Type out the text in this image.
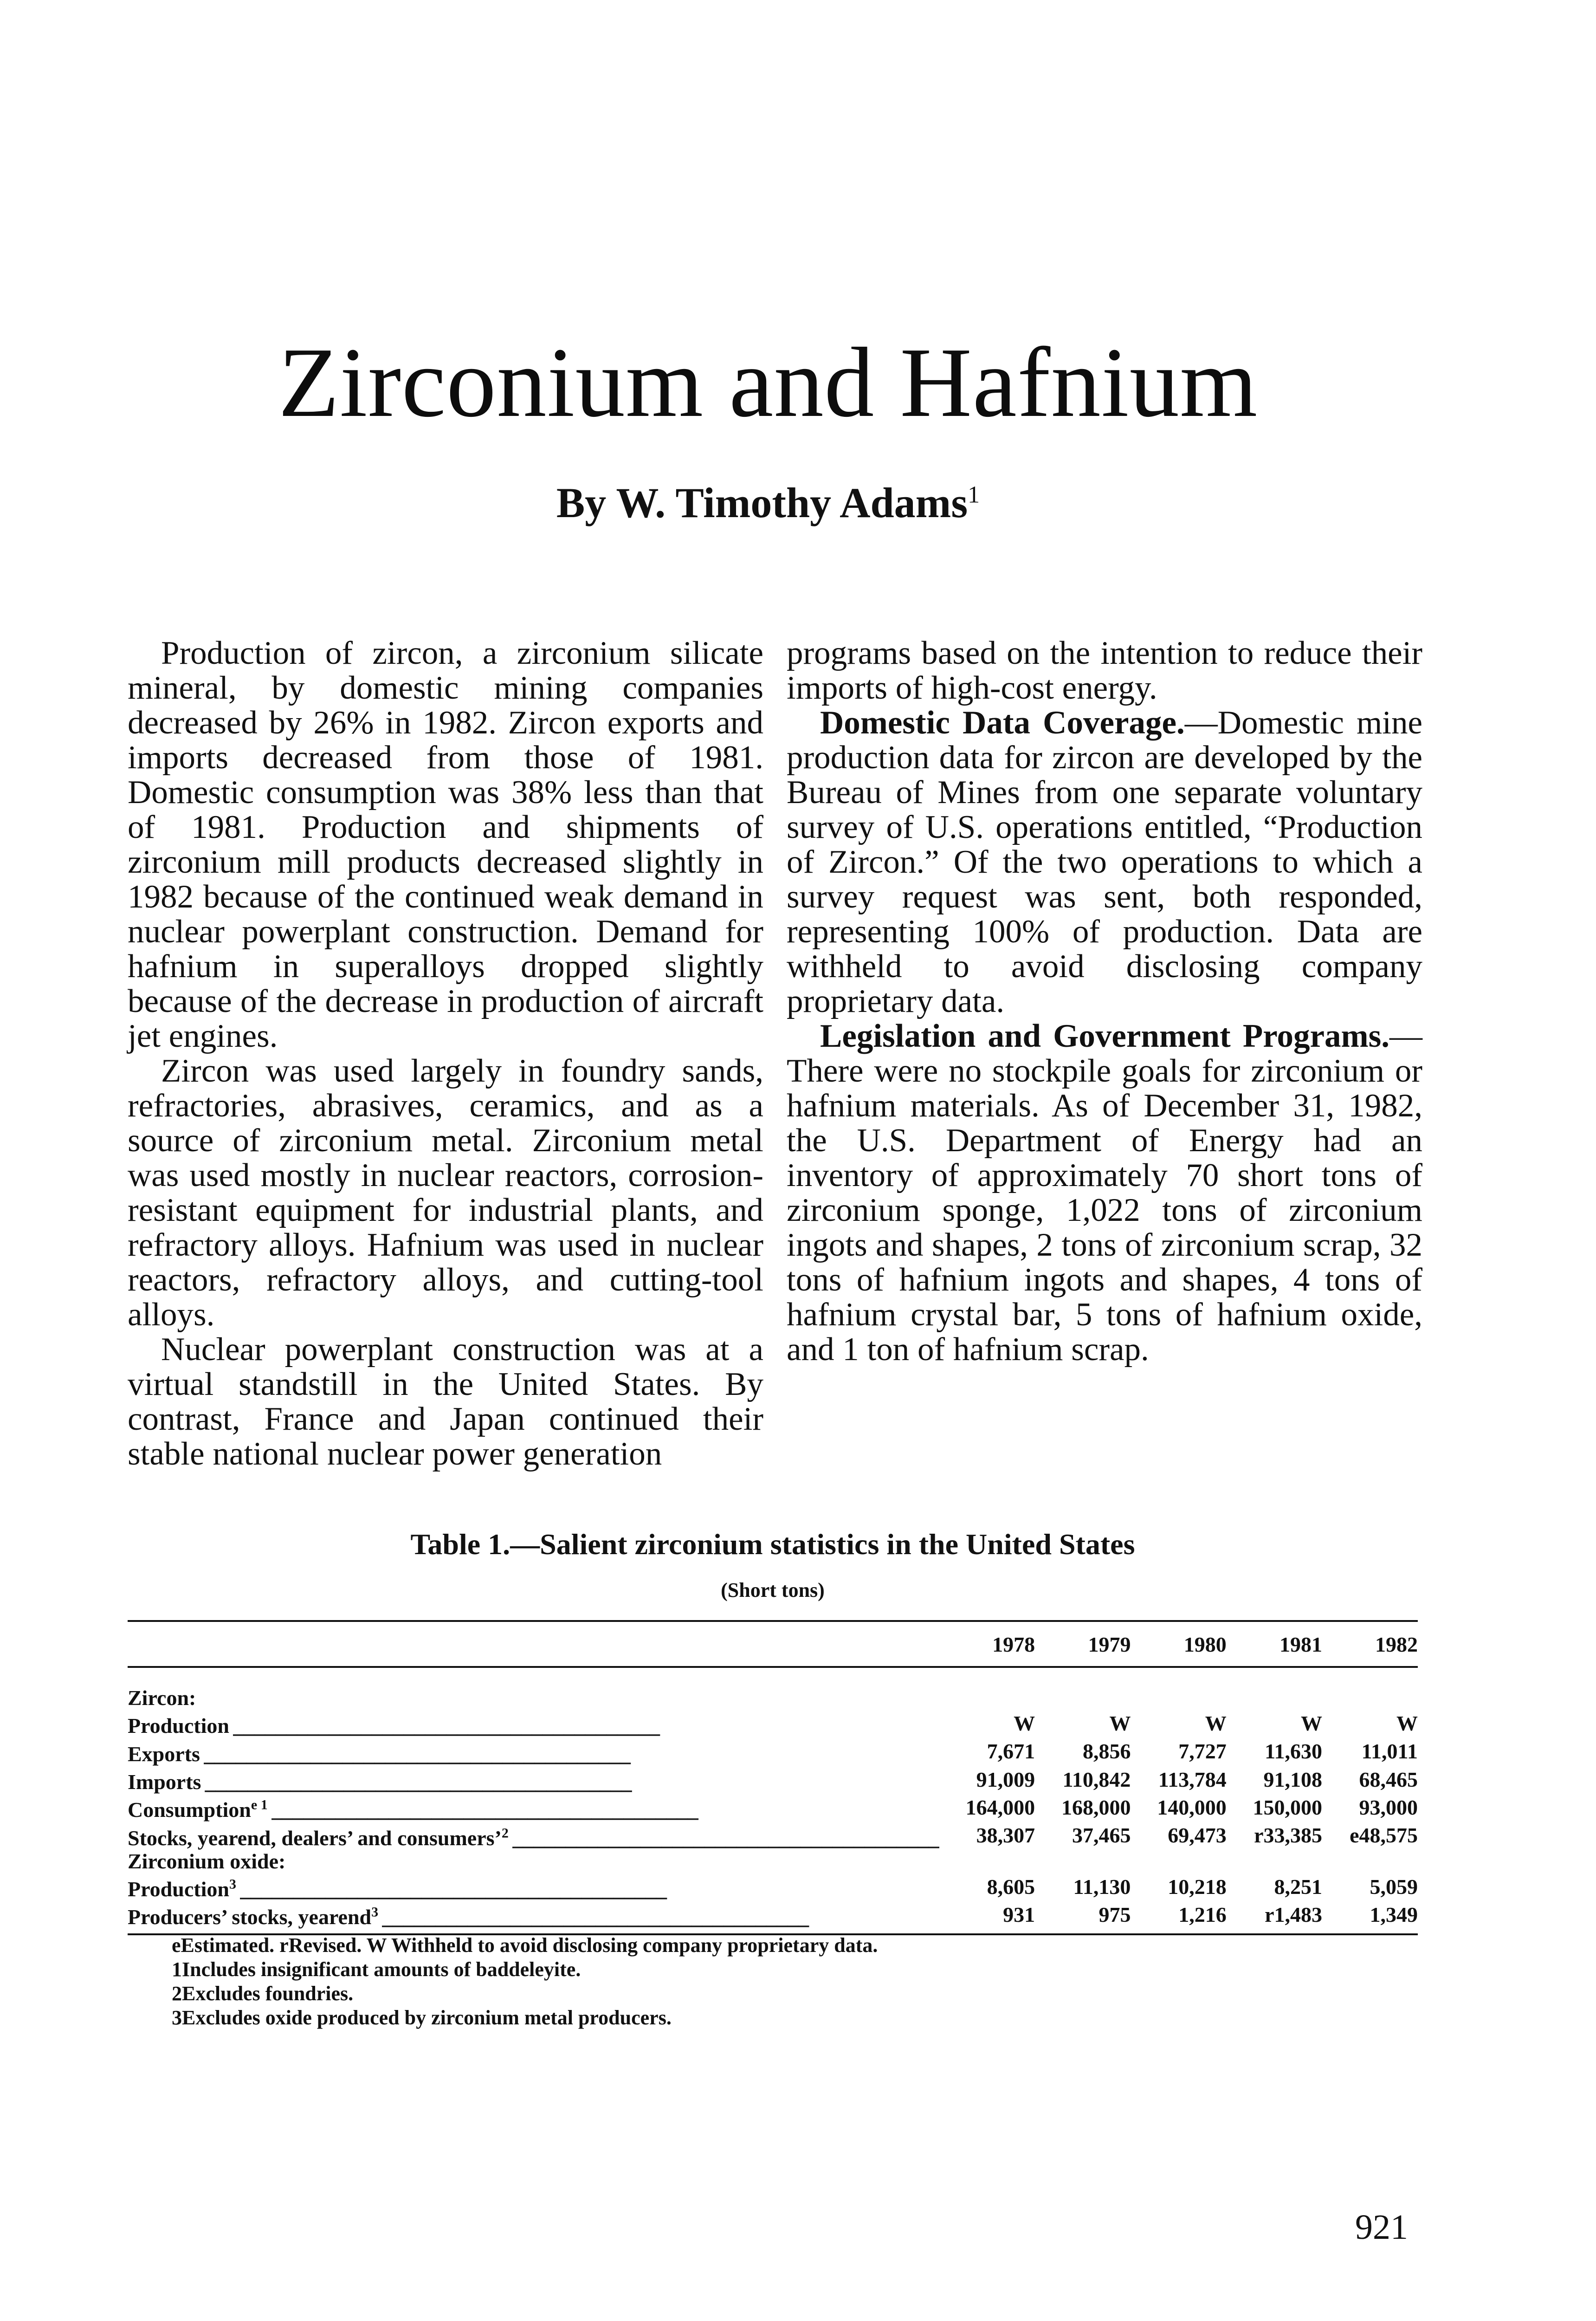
Zirconium and Hafnium
By W. Timothy Adams$^1$

Production of zircon, a zirconium silicate mineral, by domestic mining companies decreased by 26% in 1982. Zircon exports and imports decreased from those of 1981. Domestic consumption was 38% less than that of 1981. Production and shipments of zirconium mill products decreased slightly in 1982 because of the continued weak demand in nuclear powerplant construction. Demand for hafnium in superalloys dropped slightly because of the decrease in production of aircraft jet engines.

Zircon was used largely in foundry sands, refractories, abrasives, ceramics, and as a source of zirconium metal. Zirconium metal was used mostly in nuclear reactors, corrosion-resistant equipment for industrial plants, and refractory alloys. Hafnium was used in nuclear reactors, refractory alloys, and cutting-tool alloys.

Nuclear powerplant construction was at a virtual standstill in the United States. By contrast, France and Japan continued their stable national nuclear power generation

programs based on the intention to reduce their imports of high-cost energy.

Domestic Data Coverage.—Domestic mine production data for zircon are developed by the Bureau of Mines from one separate voluntary survey of U.S. operations entitled, “Production of Zircon.” Of the two operations to which a survey request was sent, both responded, representing 100% of production. Data are withheld to avoid disclosing company proprietary data.

Legislation and Government Programs.—There were no stockpile goals for zirconium or hafnium materials. As of December 31, 1982, the U.S. Department of Energy had an inventory of approximately 70 short tons of zirconium sponge, 1,022 tons of zirconium ingots and shapes, 2 tons of zirconium scrap, 32 tons of hafnium ingots and shapes, 4 tons of hafnium crystal bar, 5 tons of hafnium oxide, and 1 ton of hafnium scrap.

Table 1.—Salient zirconium statistics in the United States
(Short tons)
	1978	1979	1980	1981	1982

Zircon:					
Production ________________________________________	W	W	W	W	W
Exports ________________________________________	7,671	8,856	7,727	11,630	11,011
Imports ________________________________________	91,009	110,842	113,784	91,108	68,465
Consumption$^{e 1}$ ________________________________________	164,000	168,000	140,000	150,000	93,000
Stocks, yearend, dealers’ and consumers’$^2$ ________________________________________	38,307	37,465	69,473	r33,385	e48,575
Zirconium oxide:					
Production$^3$ ________________________________________	8,605	11,130	10,218	8,251	5,059
Producers’ stocks, yearend$^3$ ________________________________________	931	975	1,216	r1,483	1,349
eEstimated. rRevised. W Withheld to avoid disclosing company proprietary data.
1Includes insignificant amounts of baddeleyite.
2Excludes foundries.
3Excludes oxide produced by zirconium metal producers.
921
